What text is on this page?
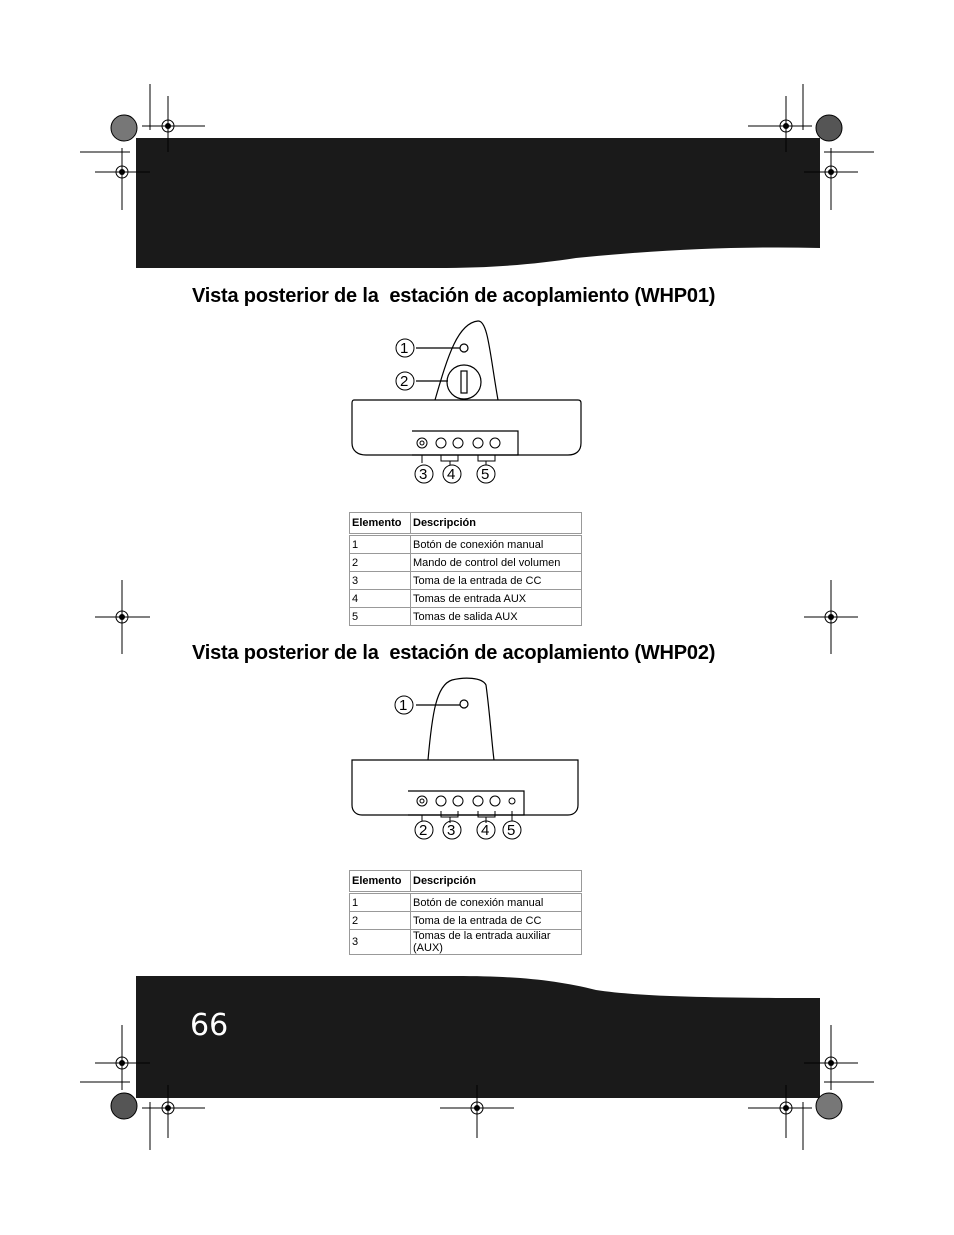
66
Vista posterior de la  estación de acoplamiento (WHP01)
1
2
3 4 5
Elemento	Descripción
1	Botón de conexión manual
2	Mando de control del volumen
3	Toma de la entrada de CC
4	Tomas de entrada AUX
5	Tomas de salida AUX
Vista posterior de la  estación de acoplamiento (WHP02)
1
2 3 4 5
Elemento	Descripción
1	Botón de conexión manual
2	Toma de la entrada de CC
3	Tomas de la entrada auxiliar (AUX)
